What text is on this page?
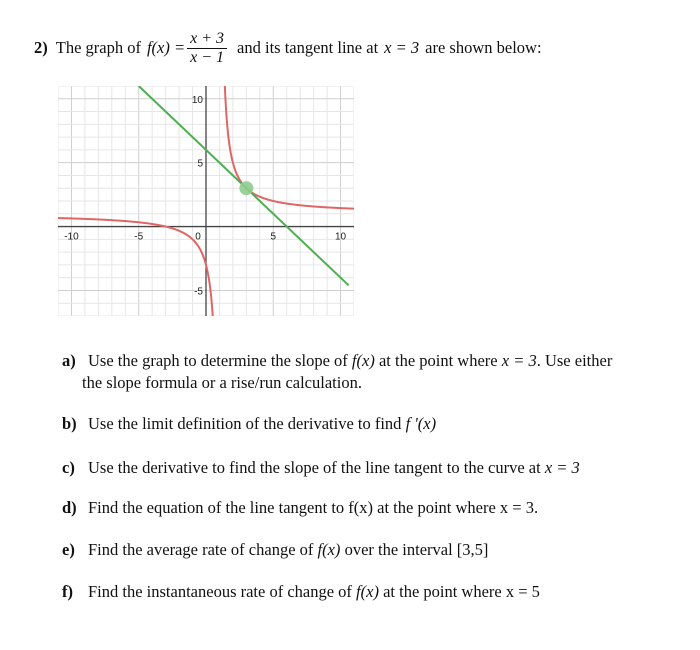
2) The graph of $f(x) = \frac{x + 3}{x - 1}$ and its tangent line at x = 3 are shown below:
-10	-5	0	5	10
10
5
-5
a) Use the graph to determine the slope of f(x) at the point where x = 3. Use either
the slope formula or a rise/run calculation.
b) Use the limit definition of the derivative to find f '(x)
c) Use the derivative to find the slope of the line tangent to the curve at x = 3
d) Find the equation of the line tangent to f(x) at the point where x = 3.
e) Find the average rate of change of f(x) over the interval [3,5]
f) Find the instantaneous rate of change of f(x) at the point where x = 5
